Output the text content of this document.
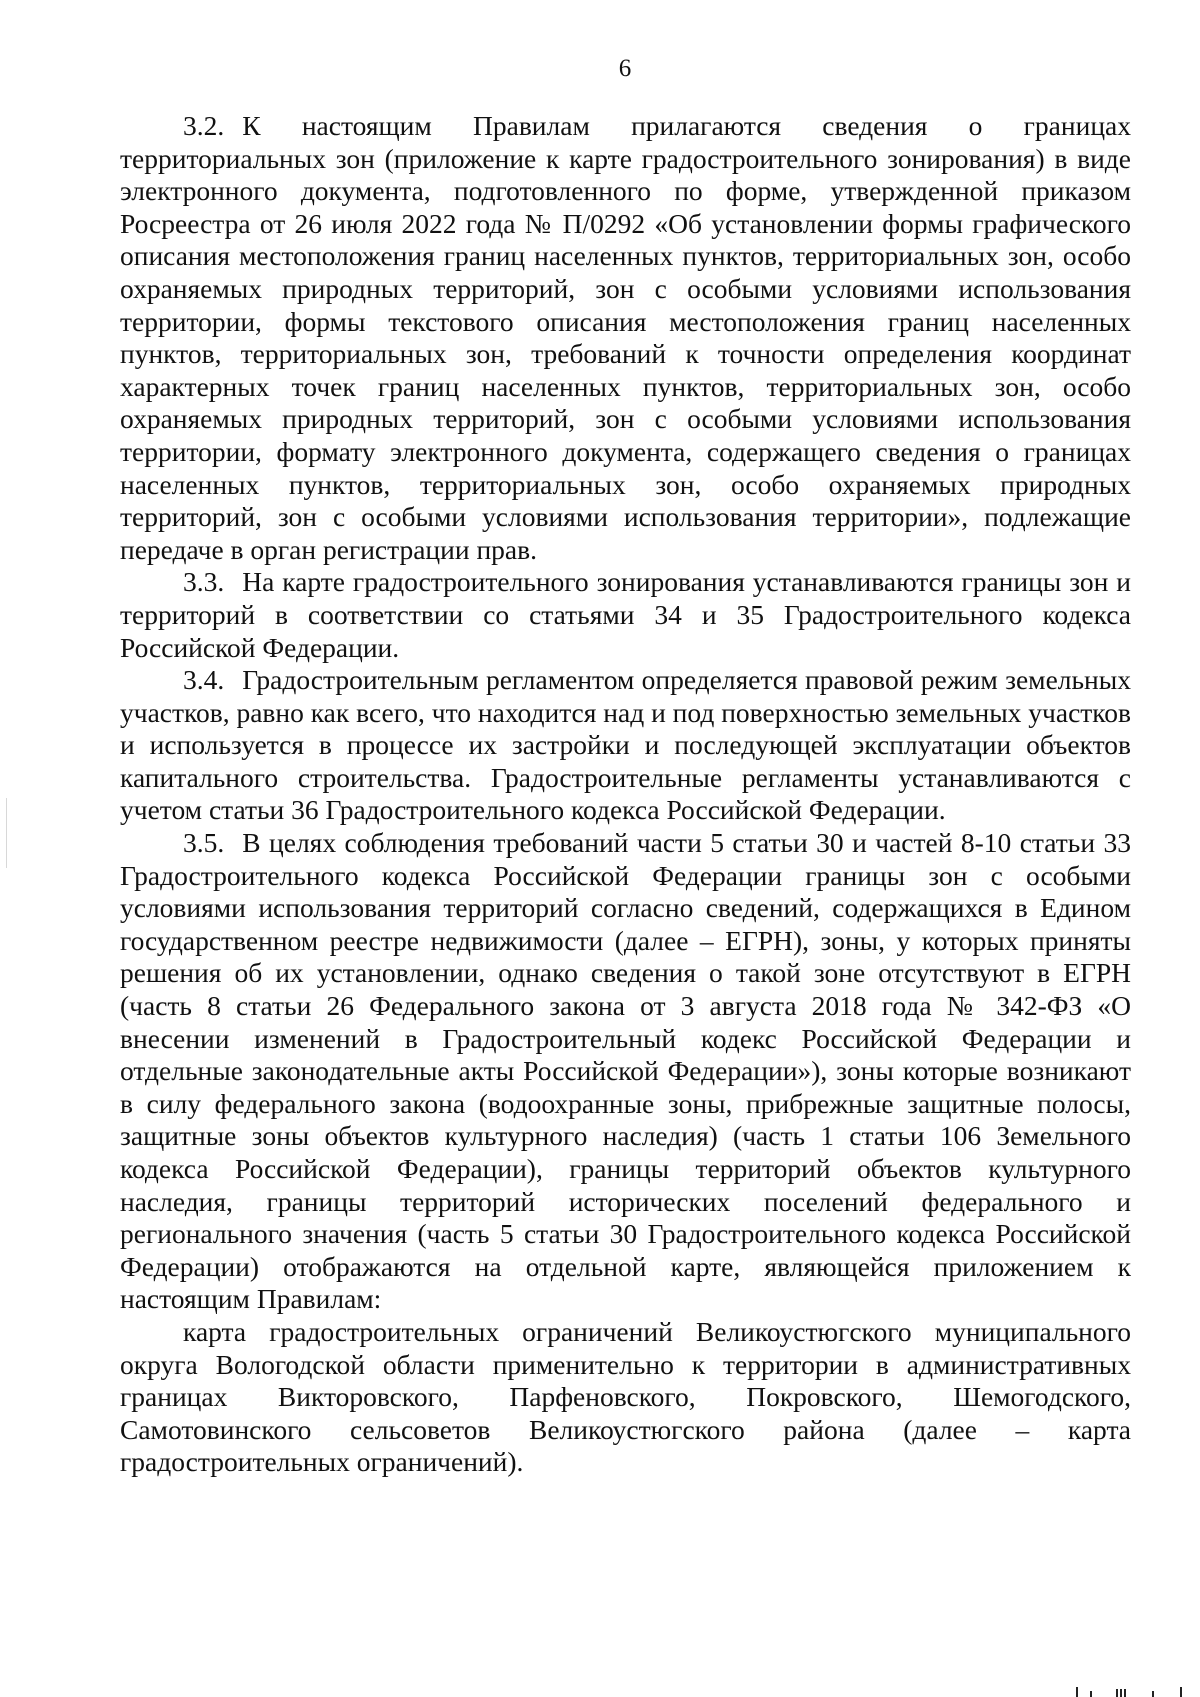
6

3.2. К настоящим Правилам прилагаются сведения о границах территориальных зон (приложение к карте градостроительного зонирования) в виде электронного документа, подготовленного по форме, утвержденной приказом Росреестра от 26 июля 2022 года № П/0292 «Об установлении формы графического описания местоположения границ населенных пунктов, территориальных зон, особо охраняемых природных территорий, зон с особыми условиями использования территории, формы текстового описания местоположения границ населенных пунктов, территориальных зон, требований к точности определения координат характерных точек границ населенных пунктов, территориальных зон, особо охраняемых природных территорий, зон с особыми условиями использования территории, формату электронного документа, содержащего сведения о границах населенных пунктов, территориальных зон, особо охраняемых природных территорий, зон с особыми условиями использования территории», подлежащие передаче в орган регистрации прав.

3.3. На карте градостроительного зонирования устанавливаются границы зон и территорий в соответствии со статьями 34 и 35 Градостроительного кодекса Российской Федерации.

3.4. Градостроительным регламентом определяется правовой режим земельных участков, равно как всего, что находится над и под поверхностью земельных участков и используется в процессе их застройки и последующей эксплуатации объектов капитального строительства. Градостроительные регламенты устанавливаются с учетом статьи 36 Градостроительного кодекса Российской Федерации.

3.5. В целях соблюдения требований части 5 статьи 30 и частей 8-10 статьи 33 Градостроительного кодекса Российской Федерации границы зон с особыми условиями использования территорий согласно сведений, содержащихся в Едином государственном реестре недвижимости (далее – ЕГРН), зоны, у которых приняты решения об их установлении, однако сведения о такой зоне отсутствуют в ЕГРН (часть 8 статьи 26 Федерального закона от 3 августа 2018 года № 342-ФЗ «О внесении изменений в Градостроительный кодекс Российской Федерации и отдельные законодательные акты Российской Федерации»), зоны которые возникают в силу федерального закона (водоохранные зоны, прибрежные защитные полосы, защитные зоны объектов культурного наследия) (часть 1 статьи 106 Земельного кодекса Российской Федерации), границы территорий объектов культурного наследия, границы территорий исторических поселений федерального и регионального значения (часть 5 статьи 30 Градостроительного кодекса Российской Федерации) отображаются на отдельной карте, являющейся приложением к настоящим Правилам:

карта градостроительных ограничений Великоустюгского муниципального округа Вологодской области применительно к территории в административных границах Викторовского, Парфеновского, Покровского, Шемогодского, Самотовинского сельсоветов Великоустюгского района (далее – карта градостроительных ограничений).
